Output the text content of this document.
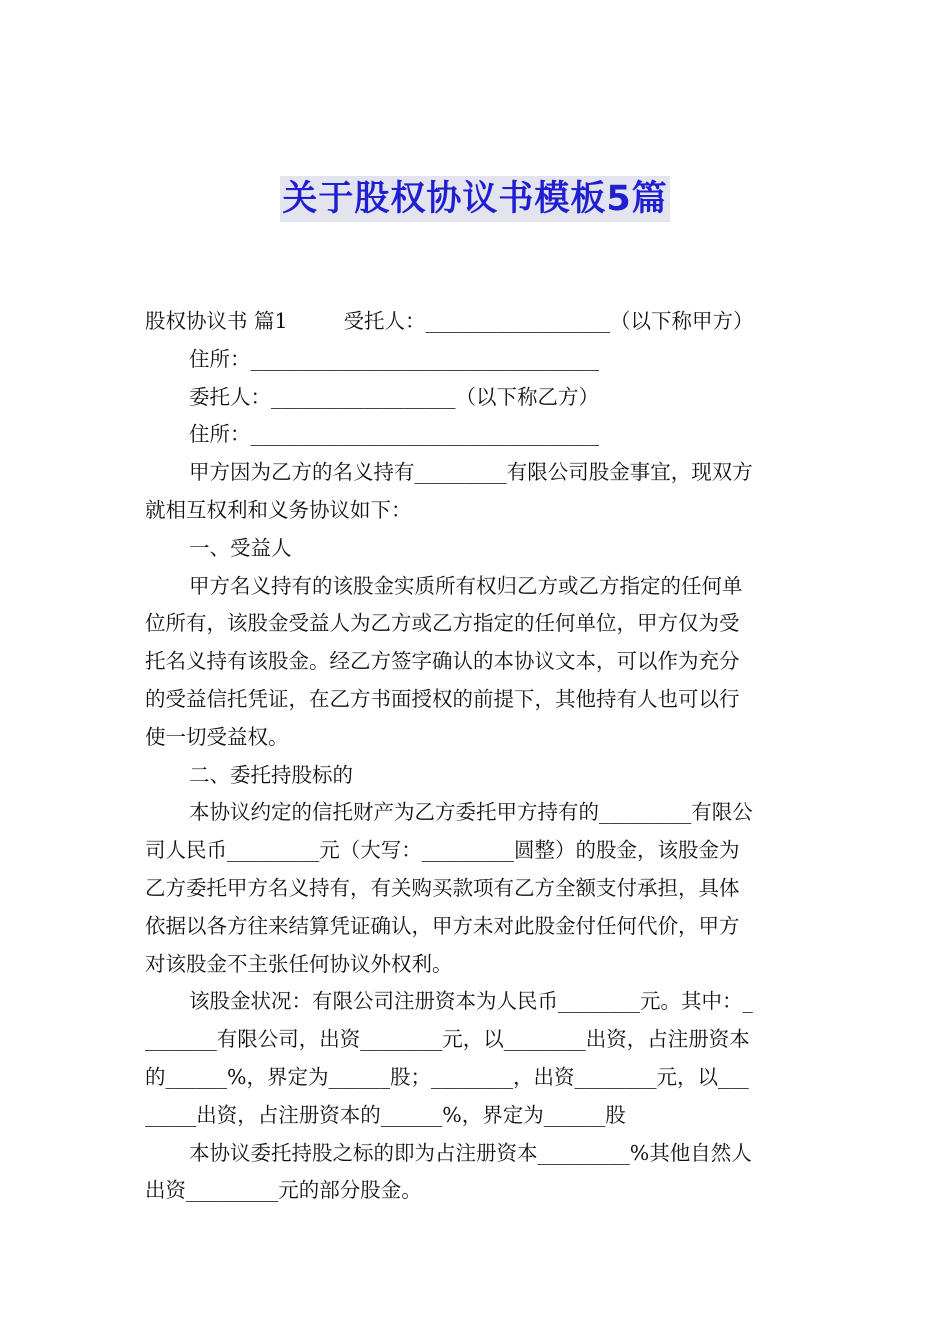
关于股权协议书模板5篇
股权协议书 篇1	受托人：__________________（以下称甲方）
住所：__________________________________
委托人：__________________（以下称乙方）
住所：__________________________________
甲方因为乙方的名义持有_________有限公司股金事宜，现双方
就相互权利和义务协议如下：
一、受益人
甲方名义持有的该股金实质所有权归乙方或乙方指定的任何单
位所有，该股金受益人为乙方或乙方指定的任何单位，甲方仅为受
托名义持有该股金。经乙方签字确认的本协议文本，可以作为充分
的受益信托凭证，在乙方书面授权的前提下，其他持有人也可以行
使一切受益权。
二、委托持股标的
本协议约定的信托财产为乙方委托甲方持有的_________有限公
司人民币_________元（大写：_________圆整）的股金，该股金为
乙方委托甲方名义持有，有关购买款项有乙方全额支付承担，具体
依据以各方往来结算凭证确认，甲方未对此股金付任何代价，甲方
对该股金不主张任何协议外权利。
该股金状况：有限公司注册资本为人民币________元。其中：_
_______有限公司，出资________元，以________出资，占注册资本
的______%，界定为______股；________，出资________元，以___
_____出资，占注册资本的______%，界定为______股
本协议委托持股之标的即为占注册资本_________%其他自然人
出资_________元的部分股金。
